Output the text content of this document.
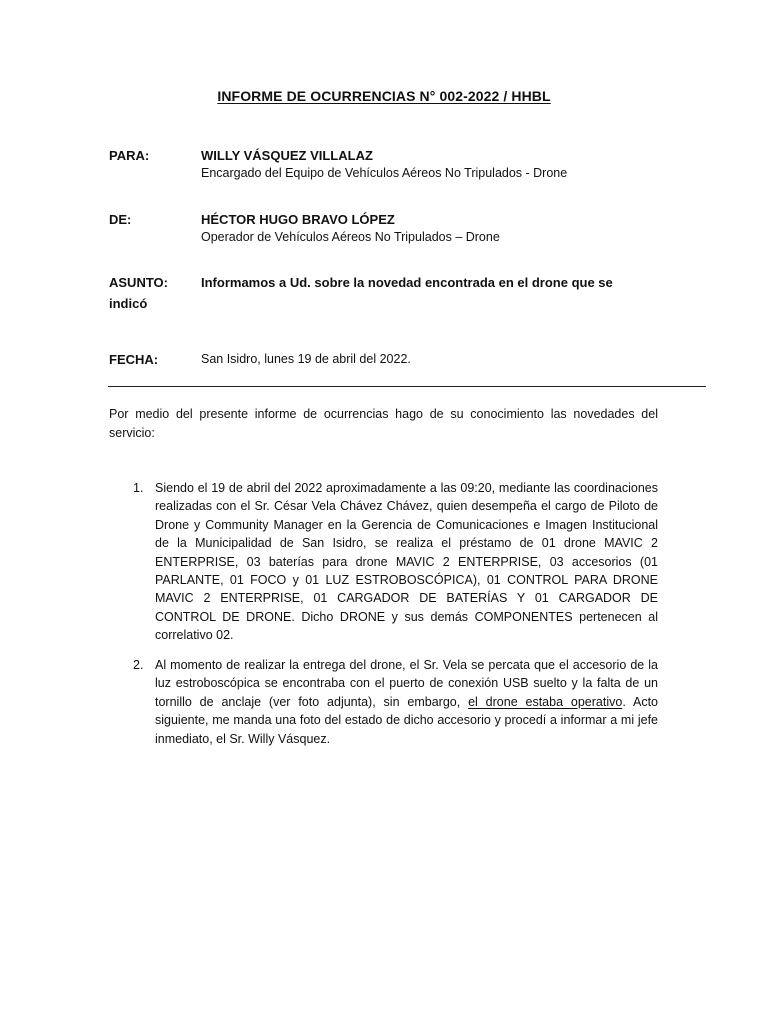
INFORME DE OCURRENCIAS N° 002-2022 / HHBL
PARA:	WILLY VÁSQUEZ VILLALAZ
Encargado del Equipo de Vehículos Aéreos No Tripulados - Drone
DE:	HÉCTOR HUGO BRAVO LÓPEZ
Operador de Vehículos Aéreos No Tripulados – Drone
ASUNTO:	Informamos a Ud. sobre la novedad encontrada en el drone que se
indicó
FECHA:	San Isidro, lunes 19 de abril del 2022.
Por medio del presente informe de ocurrencias hago de su conocimiento las novedades del servicio:
1. Siendo el 19 de abril del 2022 aproximadamente a las 09:20, mediante las coordinaciones realizadas con el Sr. César Vela Chávez Chávez, quien desempeña el cargo de Piloto de Drone y Community Manager en la Gerencia de Comunicaciones e Imagen Institucional de la Municipalidad de San Isidro, se realiza el préstamo de 01 drone MAVIC 2 ENTERPRISE, 03 baterías para drone MAVIC 2 ENTERPRISE, 03 accesorios (01 PARLANTE, 01 FOCO y 01 LUZ ESTROBOSCÓPICA), 01 CONTROL PARA DRONE MAVIC 2 ENTERPRISE, 01 CARGADOR DE BATERÍAS Y 01 CARGADOR DE CONTROL DE DRONE. Dicho DRONE y sus demás COMPONENTES pertenecen al correlativo 02.
2. Al momento de realizar la entrega del drone, el Sr. Vela se percata que el accesorio de la luz estroboscópica se encontraba con el puerto de conexión USB suelto y la falta de un tornillo de anclaje (ver foto adjunta), sin embargo, el drone estaba operativo. Acto siguiente, me manda una foto del estado de dicho accesorio y procedí a informar a mi jefe inmediato, el Sr. Willy Vásquez.
